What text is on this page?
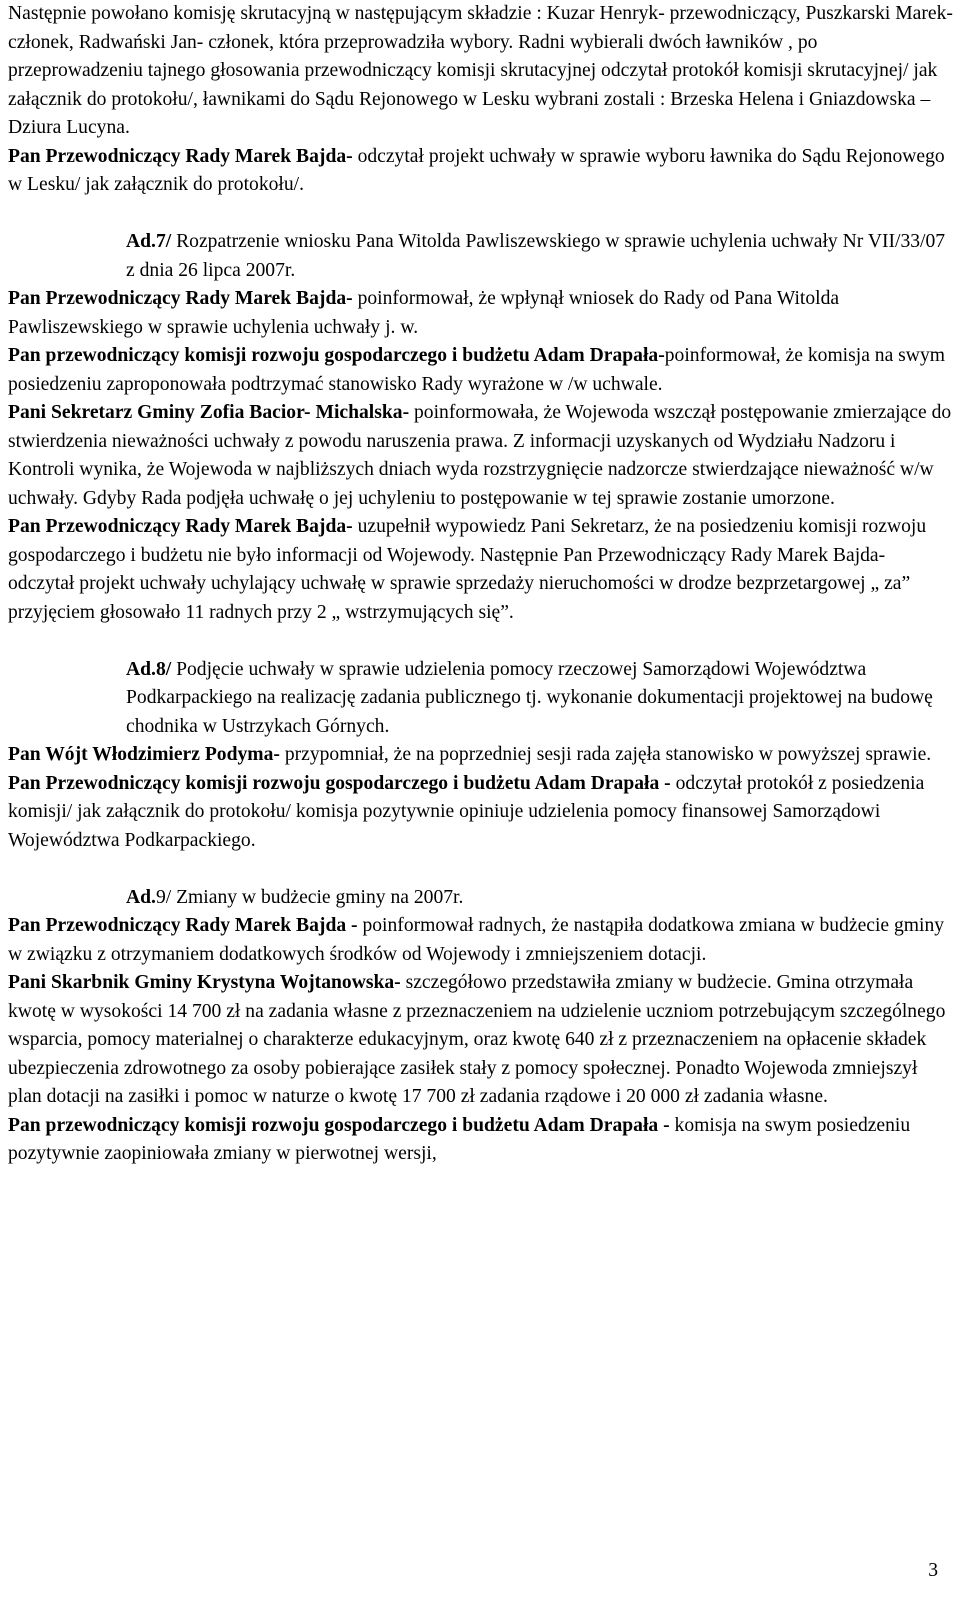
Następnie powołano komisję skrutacyjną w następującym składzie : Kuzar Henryk- przewodniczący, Puszkarski Marek- członek, Radwański Jan- członek, która przeprowadziła wybory. Radni wybierali dwóch ławników , po przeprowadzeniu tajnego głosowania przewodniczący komisji skrutacyjnej odczytał protokół komisji skrutacyjnej/ jak załącznik do protokołu/, ławnikami do Sądu Rejonowego w Lesku wybrani zostali : Brzeska Helena i Gniazdowska – Dziura Lucyna.

Pan Przewodniczący Rady Marek Bajda- odczytał projekt uchwały w sprawie wyboru ławnika do Sądu Rejonowego w Lesku/ jak załącznik do protokołu/.

Ad.7/ Rozpatrzenie wniosku Pana Witolda Pawliszewskiego w sprawie uchylenia uchwały Nr VII/33/07 z dnia 26 lipca 2007r.

Pan Przewodniczący Rady Marek Bajda- poinformował, że wpłynął wniosek do Rady od Pana Witolda Pawliszewskiego w sprawie uchylenia uchwały j. w.

Pan przewodniczący komisji rozwoju gospodarczego i budżetu Adam Drapała-poinformował, że komisja na swym posiedzeniu zaproponowała podtrzymać stanowisko Rady wyrażone w /w uchwale.

Pani Sekretarz Gminy Zofia Bacior- Michalska- poinformowała, że Wojewoda wszczął postępowanie zmierzające do stwierdzenia nieważności uchwały z powodu naruszenia prawa. Z informacji uzyskanych od Wydziału Nadzoru i Kontroli wynika, że Wojewoda w najbliższych dniach wyda rozstrzygnięcie nadzorcze stwierdzające nieważność w/w uchwały. Gdyby Rada podjęła uchwałę o jej uchyleniu to postępowanie w tej sprawie zostanie umorzone.

Pan Przewodniczący Rady Marek Bajda- uzupełnił wypowiedz Pani Sekretarz, że na posiedzeniu komisji rozwoju gospodarczego i budżetu nie było informacji od Wojewody. Następnie Pan Przewodniczący Rady Marek Bajda- odczytał projekt uchwały uchylający uchwałę w sprawie sprzedaży nieruchomości w drodze bezprzetargowej „ za” przyjęciem głosowało 11 radnych przy 2 „ wstrzymujących się”.

Ad.8/ Podjęcie uchwały w sprawie udzielenia pomocy rzeczowej Samorządowi Województwa Podkarpackiego na realizację zadania publicznego tj. wykonanie dokumentacji projektowej na budowę chodnika w Ustrzykach Górnych.

Pan Wójt Włodzimierz Podyma- przypomniał, że na poprzedniej sesji rada zajęła stanowisko w powyższej sprawie.

Pan Przewodniczący komisji rozwoju gospodarczego i budżetu Adam Drapała - odczytał protokół z posiedzenia komisji/ jak załącznik do protokołu/ komisja pozytywnie opiniuje udzielenia pomocy finansowej Samorządowi Województwa Podkarpackiego.

Ad.9/ Zmiany w budżecie gminy na 2007r.

Pan Przewodniczący Rady Marek Bajda - poinformował radnych, że nastąpiła dodatkowa zmiana w budżecie gminy w związku z otrzymaniem dodatkowych środków od Wojewody i zmniejszeniem dotacji.

Pani Skarbnik Gminy Krystyna Wojtanowska- szczegółowo przedstawiła zmiany w budżecie. Gmina otrzymała kwotę w wysokości 14 700 zł na zadania własne z przeznaczeniem na udzielenie uczniom potrzebującym szczególnego wsparcia, pomocy materialnej o charakterze edukacyjnym, oraz kwotę 640 zł z przeznaczeniem na opłacenie składek ubezpieczenia zdrowotnego za osoby pobierające zasiłek stały z pomocy społecznej. Ponadto Wojewoda zmniejszył plan dotacji na zasiłki i pomoc w naturze o kwotę 17 700 zł zadania rządowe i 20 000 zł zadania własne.

Pan przewodniczący komisji rozwoju gospodarczego i budżetu Adam Drapała - komisja na swym posiedzeniu pozytywnie zaopiniowała zmiany w pierwotnej wersji,

3
